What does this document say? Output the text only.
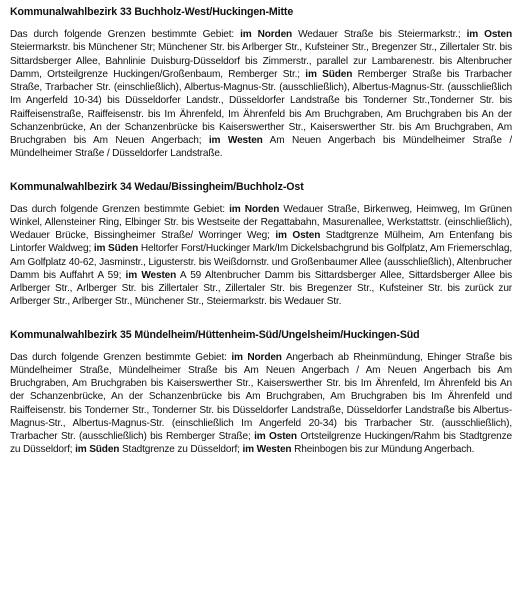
Kommunalwahlbezirk 33 Buchholz-West/Huckingen-Mitte

Das durch folgende Grenzen bestimmte Gebiet: im Norden Wedauer Straße bis Steiermarkstr.; im Osten Steiermarkstr. bis Münchener Str; Münchener Str. bis Arlberger Str., Kufsteiner Str., Bregenzer Str., Zillertaler Str. bis Sittardsberger Allee, Bahnlinie Duisburg-Düsseldorf bis Zimmerstr., parallel zur Lambarenestr. bis Altenbrucher Damm, Ortsteilgrenze Huckingen/Großenbaum, Remberger Str.; im Süden Remberger Straße bis Trarbacher Straße, Trarbacher Str. (einschließlich), Albertus-Magnus-Str. (ausschließlich), Albertus-Magnus-Str. (ausschließlich Im Angerfeld 10-34) bis Düsseldorfer Landstr., Düsseldorfer Landstraße bis Tonderner Str.,Tonderner Str. bis Raiffeisenstraße, Raiffeisenstr. bis Im Ährenfeld, Im Ährenfeld bis Am Bruchgraben, Am Bruchgraben bis An der Schanzenbrücke, An der Schanzenbrücke bis Kaiserswerther Str., Kaiserswerther Str. bis Am Bruchgraben, Am Bruchgraben bis Am Neuen Angerbach; im Westen Am Neuen Angerbach bis Mündelheimer Straße / Mündelheimer Straße / Düsseldorfer Landstraße.

Kommunalwahlbezirk 34 Wedau/Bissingheim/Buchholz-Ost

Das durch folgende Grenzen bestimmte Gebiet: im Norden Wedauer Straße, Birkenweg, Heimweg, Im Grünen Winkel, Allensteiner Ring, Elbinger Str. bis Westseite der Regattabahn, Masurenallee, Werkstattstr. (einschließlich), Wedauer Brücke, Bissingheimer Straße/ Worringer Weg; im Osten Stadtgrenze Mülheim, Am Entenfang bis Lintorfer Waldweg; im Süden Heltorfer Forst/Huckinger Mark/Im Dickelsbachgrund bis Golfplatz, Am Friemerschlag, Am Golfplatz 40-62, Jasminstr., Ligusterstr. bis Weißdornstr. und Großenbaumer Allee (ausschließlich), Altenbrucher Damm bis Auffahrt A 59; im Westen A 59 Altenbrucher Damm bis Sittardsberger Allee, Sittardsberger Allee bis Arlberger Str., Arlberger Str. bis Zillertaler Str., Zillertaler Str. bis Bregenzer Str., Kufsteiner Str. bis zurück zur Arlberger Str., Arlberger Str., Münchener Str., Steiermarkstr. bis Wedauer Str.

Kommunalwahlbezirk 35 Mündelheim/Hüttenheim-Süd/Ungelsheim/Huckingen-Süd

Das durch folgende Grenzen bestimmte Gebiet: im Norden Angerbach ab Rheinmündung, Ehinger Straße bis Mündelheimer Straße, Mündelheimer Straße bis Am Neuen Angerbach / Am Neuen Angerbach bis Am Bruchgraben, Am Bruchgraben bis Kaiserswerther Str., Kaiserswerther Str. bis Im Ährenfeld, Im Ährenfeld bis An der Schanzenbrücke, An der Schanzenbrücke bis Am Bruchgraben, Am Bruchgraben bis Im Ährenfeld und Raiffeisenstr. bis Tonderner Str., Tonderner Str. bis Düsseldorfer Landstraße, Düsseldorfer Landstraße bis Albertus-Magnus-Str., Albertus-Magnus-Str. (einschließlich Im Angerfeld 20-34) bis Trarbacher Str. (ausschließlich), Trarbacher Str. (ausschließlich) bis Remberger Straße; im Osten Ortsteilgrenze Huckingen/Rahm bis Stadtgrenze zu Düsseldorf; im Süden Stadtgrenze zu Düsseldorf; im Westen Rheinbogen bis zur Mündung Angerbach.
